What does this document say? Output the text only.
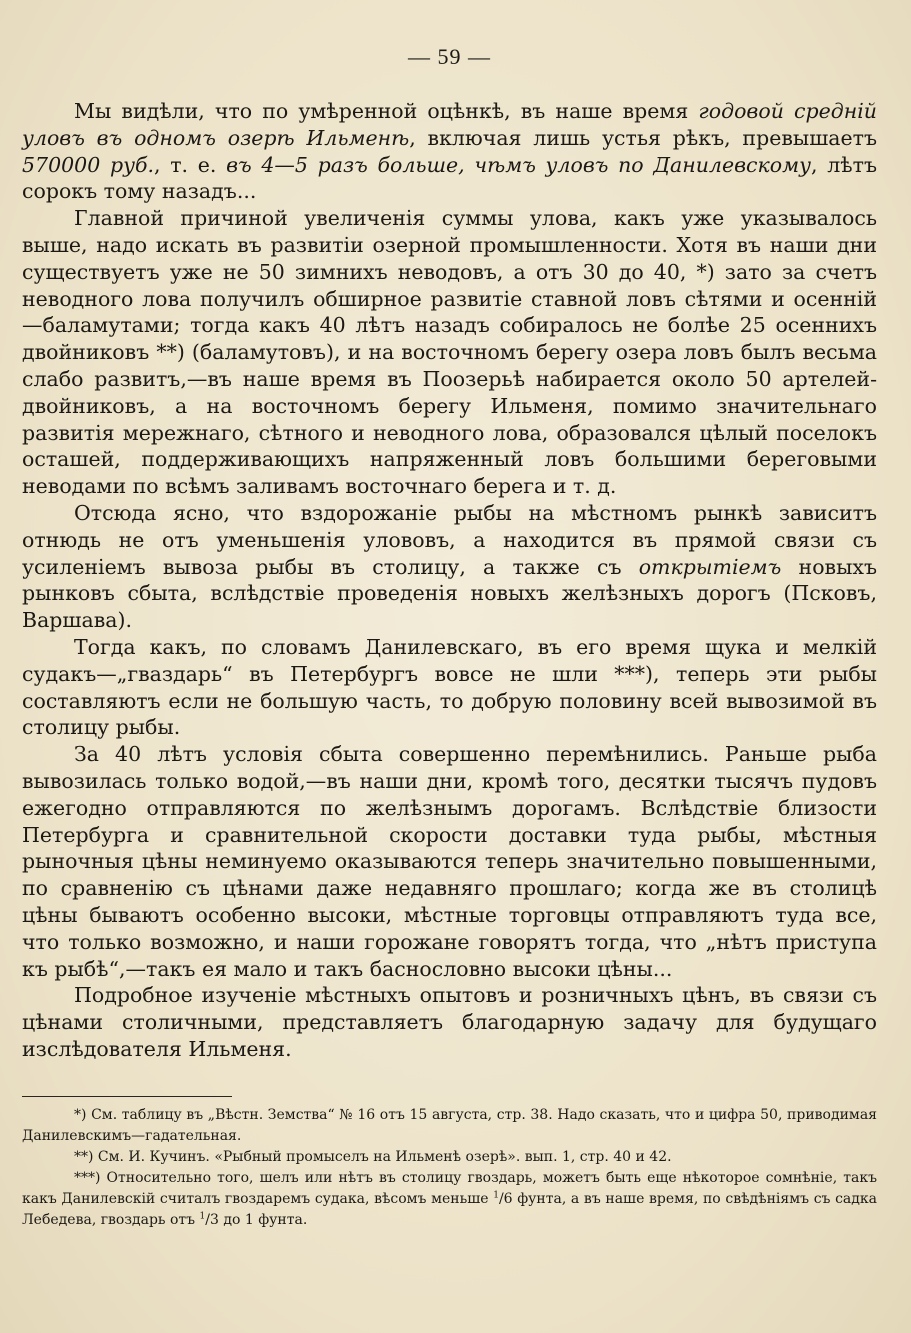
— 59 —

Мы видѣли, что по умѣренной оцѣнкѣ, въ наше время годовой средній уловъ въ одномъ озерѣ Ильменѣ, включая лишь устья рѣкъ, превышаетъ 570000 руб., т. е. въ 4—5 разъ больше, чѣмъ уловъ по Данилевскому, лѣтъ сорокъ тому назадъ...

Главной причиной увеличенія суммы улова, какъ уже указывалось выше, надо искать въ развитіи озерной промышленности. Хотя въ наши дни существуетъ уже не 50 зимнихъ неводовъ, а отъ 30 до 40, *) зато за счетъ неводного лова получилъ обширное развитіе ставной ловъ сѣтями и осенній—баламутами; тогда какъ 40 лѣтъ назадъ собиралось не болѣе 25 осеннихъ двойниковъ **) (баламутовъ), и на восточномъ берегу озера ловъ былъ весьма слабо развитъ,—въ наше время въ Поозерьѣ набирается около 50 артелей-двойниковъ, а на восточномъ берегу Ильменя, помимо значительнаго развитія мережнаго, сѣтного и неводного лова, образовался цѣлый поселокъ осташей, поддерживающихъ напряженный ловъ большими береговыми неводами по всѣмъ заливамъ восточнаго берега и т. д.

Отсюда ясно, что вздорожаніе рыбы на мѣстномъ рынкѣ зависитъ отнюдь не отъ уменьшенія улововъ, а находится въ прямой связи съ усиленіемъ вывоза рыбы въ столицу, а также съ открытіемъ новыхъ рынковъ сбыта, вслѣдствіе проведенія новыхъ желѣзныхъ дорогъ (Псковъ, Варшава).

Тогда какъ, по словамъ Данилевскаго, въ его время щука и мелкій судакъ—„гваздарь“ въ Петербургъ вовсе не шли ***), теперь эти рыбы составляютъ если не большую часть, то добрую половину всей вывозимой въ столицу рыбы.

За 40 лѣтъ условія сбыта совершенно перемѣнились. Раньше рыба вывозилась только водой,—въ наши дни, кромѣ того, десятки тысячъ пудовъ ежегодно отправляются по желѣзнымъ дорогамъ. Вслѣдствіе близости Петербурга и сравнительной скорости доставки туда рыбы, мѣстныя рыночныя цѣны неминуемо оказываются теперь значительно повышенными, по сравненію съ цѣнами даже недавняго прошлаго; когда же въ столицѣ цѣны бываютъ особенно высоки, мѣстные торговцы отправляютъ туда все, что только возможно, и наши горожане говорятъ тогда, что „нѣтъ приступа къ рыбѣ“,—такъ ея мало и такъ баснословно высоки цѣны...

Подробное изученіе мѣстныхъ опытовъ и розничныхъ цѣнъ, въ связи съ цѣнами столичными, представляетъ благодарную задачу для будущаго изслѣдователя Ильменя.

*) См. таблицу въ „Вѣстн. Земства“ № 16 отъ 15 августа, стр. 38. Надо сказать, что и цифра 50, приводимая Данилевскимъ—гадательная.

**) См. И. Кучинъ. «Рыбный промыселъ на Ильменѣ озерѣ». вып. 1, стр. 40 и 42.

***) Относительно того, шелъ или нѣтъ въ столицу гвоздарь, можетъ быть еще нѣкоторое сомнѣніе, такъ какъ Данилевскій считалъ гвоздаремъ судака, вѣсомъ меньше $^1$/6 фунта, а въ наше время, по свѣдѣніямъ съ садка Лебедева, гвоздарь отъ $^1$/3 до 1 фунта.
